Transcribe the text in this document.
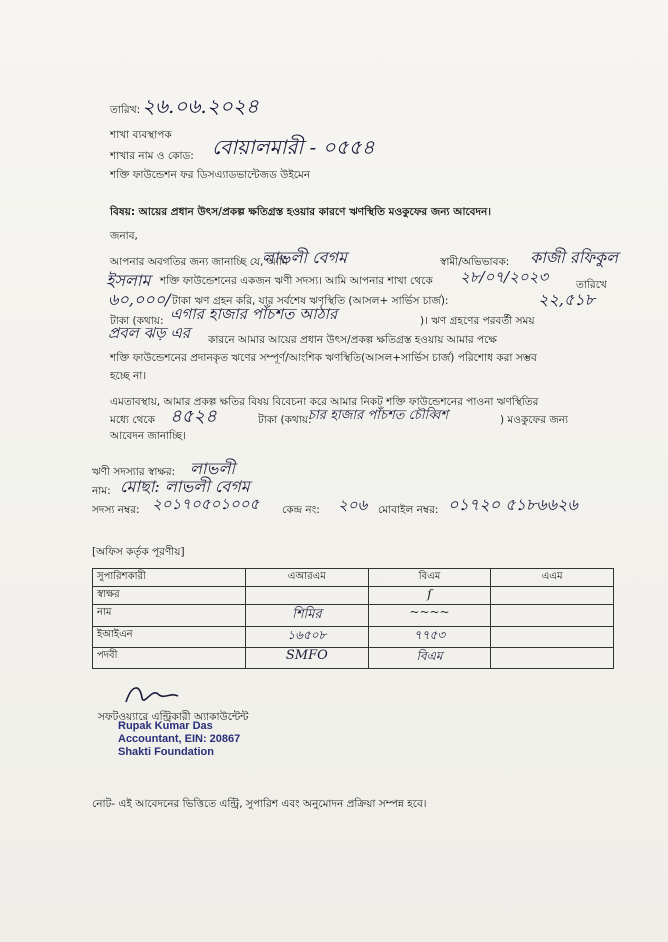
তারিখ: ২৬.০৬.২০২৪
শাখা ব্যবস্থাপক
শাখার নাম ও কোড: বোয়ালমারী - ০৫৫৪
শক্তি ফাউন্ডেশন ফর ডিসএ্যাডভান্টেজড উইমেন
বিষয়: আয়ের প্রধান উৎস/প্রকল্প ক্ষতিগ্রস্ত হওয়ার কারণে ঋণস্থিতি মওকুফের জন্য আবেদন।
জনাব,
আপনার অবগতির জন্য জানাচ্ছি যে, আমি
লাভলী বেগম	স্বামী/অভিভাবক: কাজী রফিকুল
ইসলাম শক্তি ফাউন্ডেশনের একজন ঋণী সদস্য। আমি আপনার শাখা থেকে ২৮/০৭/২০২৩	তারিখে
৬০,০০০/ টাকা ঋণ গ্রহন করি, যার সর্বশেষ ঋণস্থিতি (আসল+ সার্ভিস চার্জ):	২২,৫১৮
টাকা (কথায়: এগার হাজার পাঁচশত আঠার	)। ঋণ গ্রহণের পরবর্তী সময়
প্রবল ঝড় এর কারনে আমার আয়ের প্রধান উৎস/প্রকল্প ক্ষতিগ্রস্ত হওয়ায় আমার পক্ষে
শক্তি ফাউন্ডেশনের প্রদানকৃত ঋণের সম্পূর্ণ/আংশিক ঋণস্থিতি(আসল+সার্ভিস চার্জ) পরিশোধ করা সম্ভব
হচ্ছে না।
এমতাবস্থায়, আমার প্রকল্প ক্ষতির বিষয় বিবেচনা করে আমার নিকট শক্তি ফাউন্ডেশনের পাওনা ঋণস্থিতির
মধ্যে থেকে ৪৫২৪	টাকা (কথায়:
চার হাজার পাঁচশত চৌব্বিশ	) মওকুফের জন্য
আবেদন জানাচ্ছি।
ঋণী সদস্যার স্বাক্ষর: লাভলী
নাম: মোছা: লাভলী বেগম
সদস্য নম্বর: ২০১৭০৫০১০০৫ কেন্দ্র নং: ২০৬ মোবাইল নম্বর: ০১৭২০ ৫১৮৬৬২৬
[অফিস কর্তৃক পূরণীয়]
সুপারিশকারী	এআরএম	বিএম	এএম
স্বাক্ষর		ſ	
নাম	শিমির	~~~~	
ইআইএন	১৬৫০৮	৭৭৫৩	
পদবী	SMFO	বিএম	
সফটওয়্যারে এন্ট্রিকারী অ্যাকাউন্টেন্ট
Rupak Kumar Das
Accountant, EIN: 20867
Shakti Foundation
নোট- এই আবেদনের ভিত্তিতে এন্ট্রি, সুপারিশ এবং অনুমোদন প্রক্রিয়া সম্পন্ন হবে।
